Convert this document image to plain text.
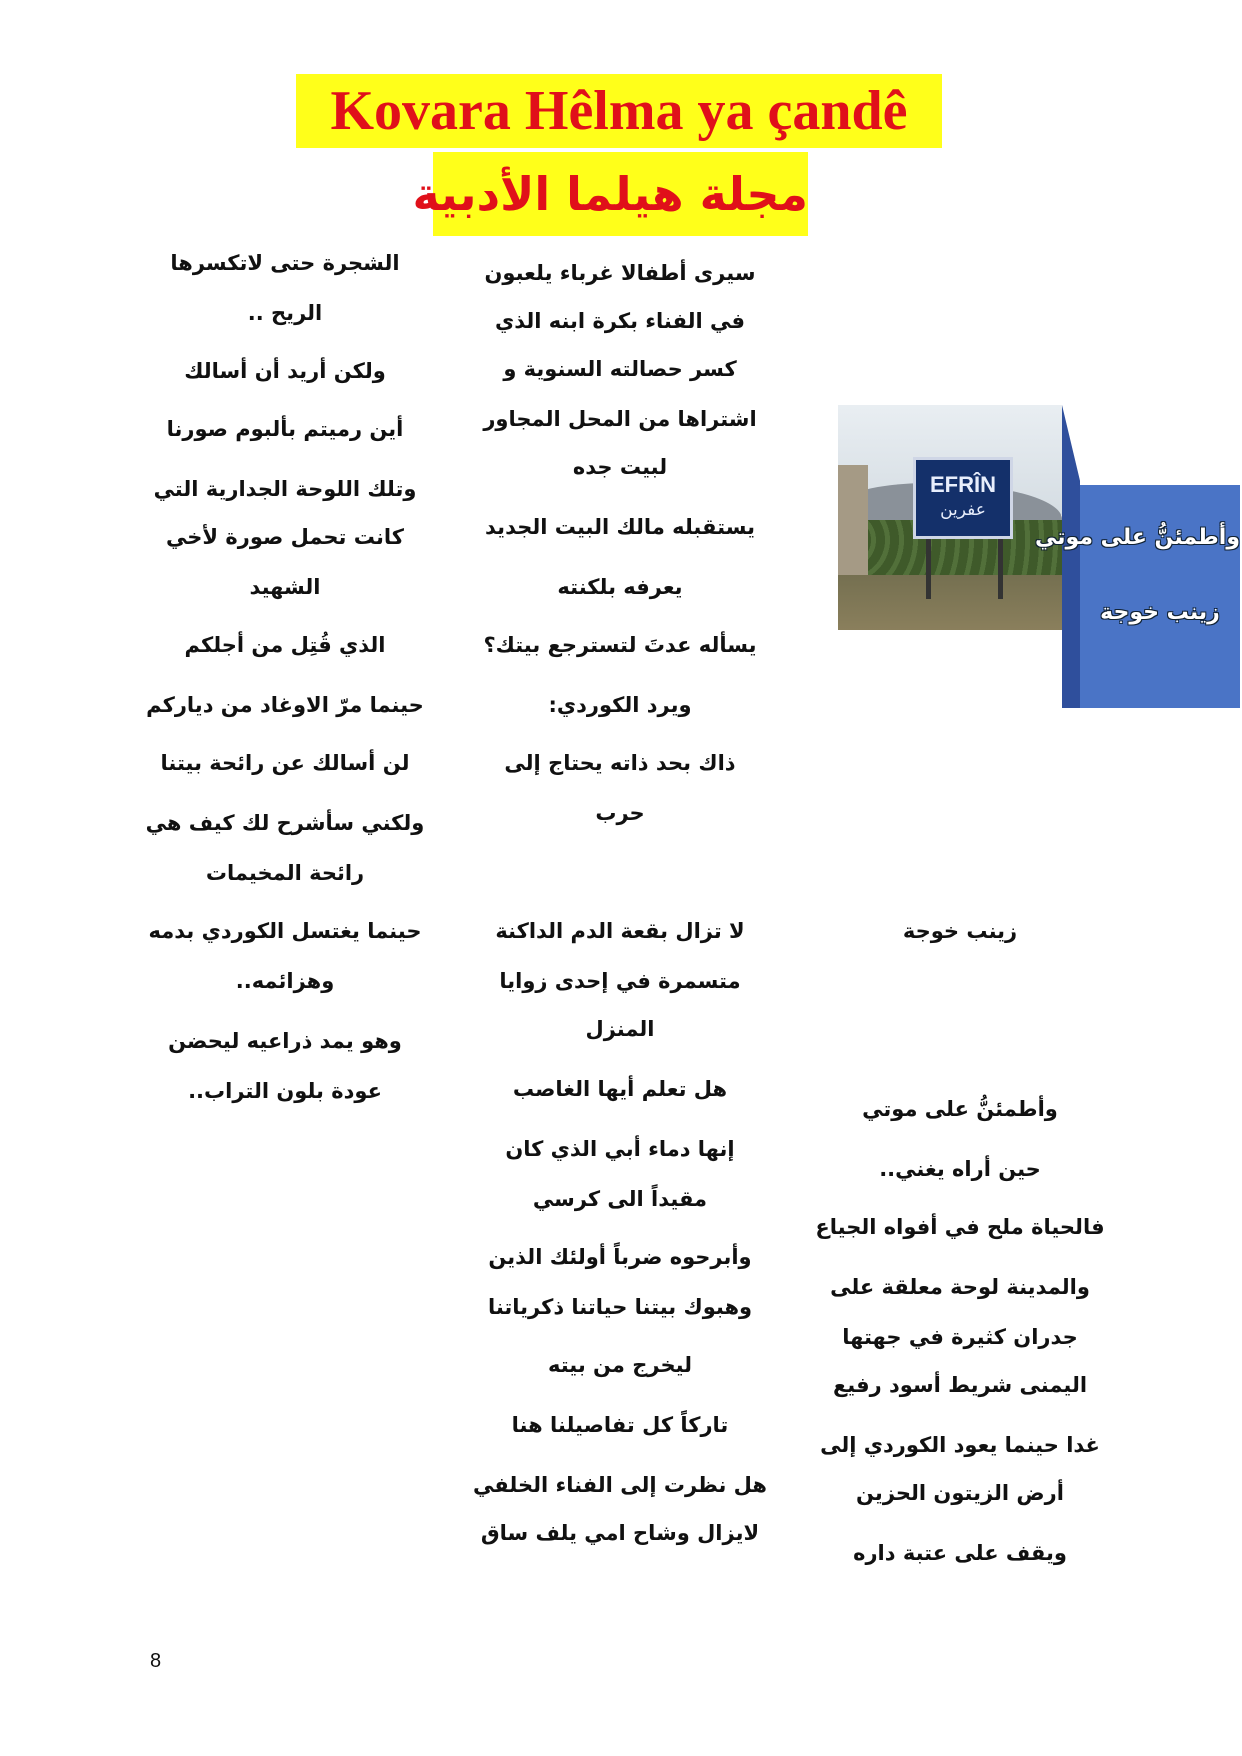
Kovara Hêlma ya çandê
مجلة هيلما الأدبية
EFRÎN
عفرين
وأطمئنُّ على موتي
زينب خوجة
الشجرة حتى لاتكسرها
الريح ..
ولكن أريد أن أسالك
أين رميتم بألبوم صورنا
وتلك اللوحة الجدارية التي
كانت تحمل صورة لأخي
الشهيد
الذي قُتِل من أجلكم
حينما مرّ الاوغاد من دياركم
لن أسالك عن رائحة بيتنا
ولكني سأشرح لك كيف هي
رائحة المخيمات
حينما يغتسل الكوردي بدمه
وهزائمه..
وهو يمد ذراعيه ليحضن
عودة بلون التراب..
سيرى أطفالا غرباء يلعبون
في الفناء بكرة ابنه الذي
كسر حصالته السنوية و
اشتراها من المحل المجاور
لبيت جده
يستقبله مالك البيت الجديد
يعرفه بلكنته
يسأله عدتَ لتسترجع بيتك؟
ويرد الكوردي:
ذاك بحد ذاته يحتاج إلى
حرب
لا تزال بقعة الدم الداكنة
متسمرة في إحدى زوايا
المنزل
هل تعلم أيها الغاصب
إنها دماء أبي الذي كان
مقيداً الى كرسي
وأبرحوه ضرباً أولئك الذين
وهبوك بيتنا حياتنا ذكرياتنا
ليخرج من بيته
تاركاً كل تفاصيلنا هنا
هل نظرت إلى الفناء الخلفي
لايزال وشاح امي يلف ساق
زينب خوجة
وأطمئنُّ على موتي
حين أراه يغني..
فالحياة ملح في أفواه الجياع
والمدينة لوحة معلقة على
جدران كثيرة في جهتها
اليمنى شريط أسود رفيع
غدا حينما يعود الكوردي إلى
أرض الزيتون الحزين
ويقف على عتبة داره
8
